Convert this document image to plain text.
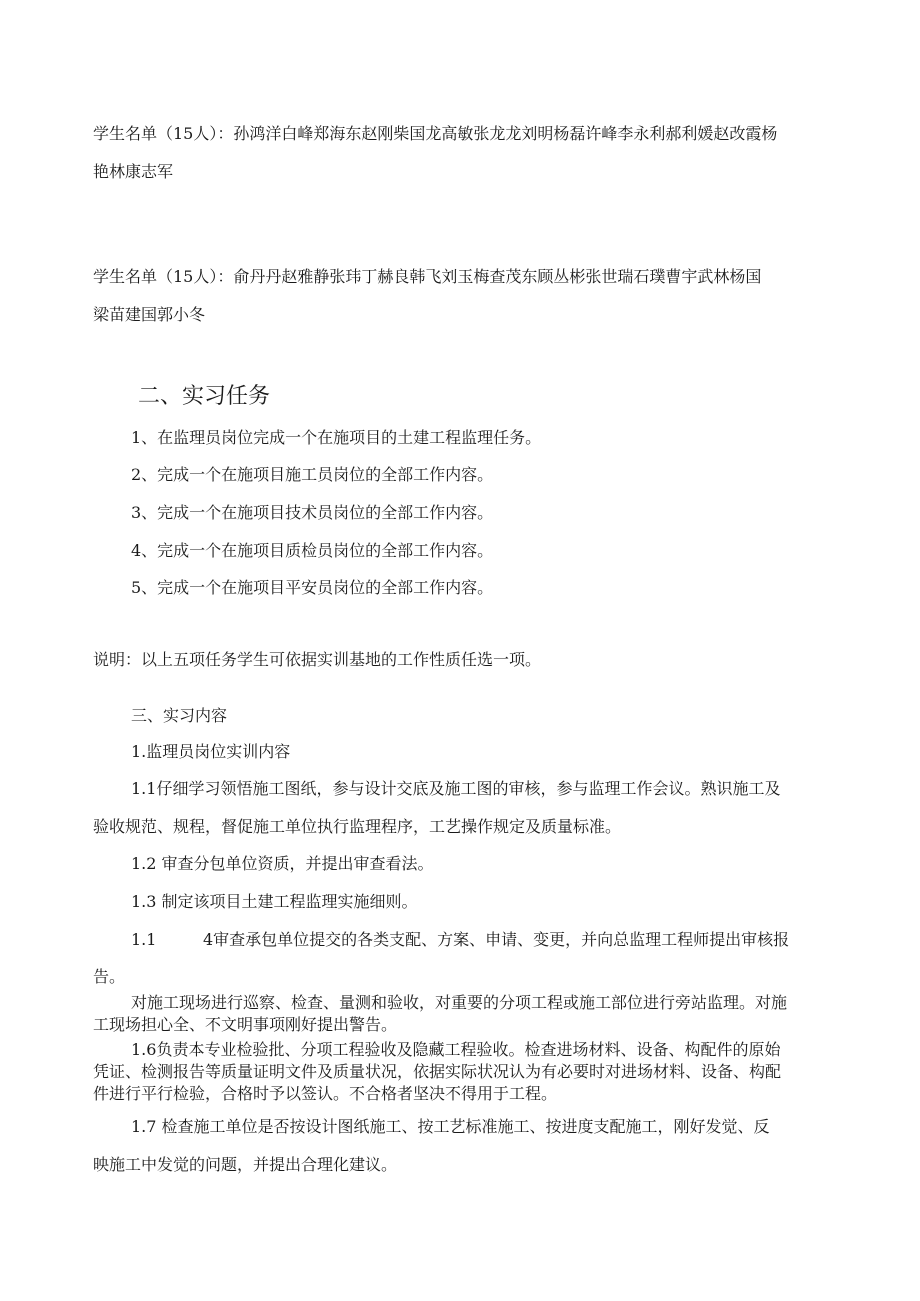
学生名单（15人）：孙鸿洋白峰郑海东赵刚柴国龙高敏张龙龙刘明杨磊许峰李永利郝利媛赵改霞杨
艳林康志军
学生名单（15人）：俞丹丹赵雅静张玮丁赫良韩飞刘玉梅查茂东顾丛彬张世瑞石璞曹宇武林杨国
梁苗建国郭小冬
二、实习任务
1、在监理员岗位完成一个在施项目的土建工程监理任务。
2、完成一个在施项目施工员岗位的全部工作内容。
3、完成一个在施项目技术员岗位的全部工作内容。
4、完成一个在施项目质检员岗位的全部工作内容。
5、完成一个在施项目平安员岗位的全部工作内容。
说明：以上五项任务学生可依据实训基地的工作性质任选一项。
三、实习内容
1.监理员岗位实训内容
1.1仔细学习领悟施工图纸，参与设计交底及施工图的审核，参与监理工作会议。熟识施工及
验收规范、规程，督促施工单位执行监理程序，工艺操作规定及质量标准。
1.2 审查分包单位资质，并提出审查看法。
1.3 制定该项目土建工程监理实施细则。
1.1	4审查承包单位提交的各类支配、方案、申请、变更，并向总监理工程师提出审核报
告。
对施工现场进行巡察、检查、量测和验收，对重要的分项工程或施工部位进行旁站监理。对施
工现场担心全、不文明事项刚好提出警告。
1.6负责本专业检验批、分项工程验收及隐藏工程验收。检查进场材料、设备、构配件的原始
凭证、检测报告等质量证明文件及质量状况，依据实际状况认为有必要时对进场材料、设备、构配
件进行平行检验，合格时予以签认。不合格者坚决不得用于工程。
1.7 检查施工单位是否按设计图纸施工、按工艺标准施工、按进度支配施工，刚好发觉、反
映施工中发觉的问题，并提出合理化建议。
